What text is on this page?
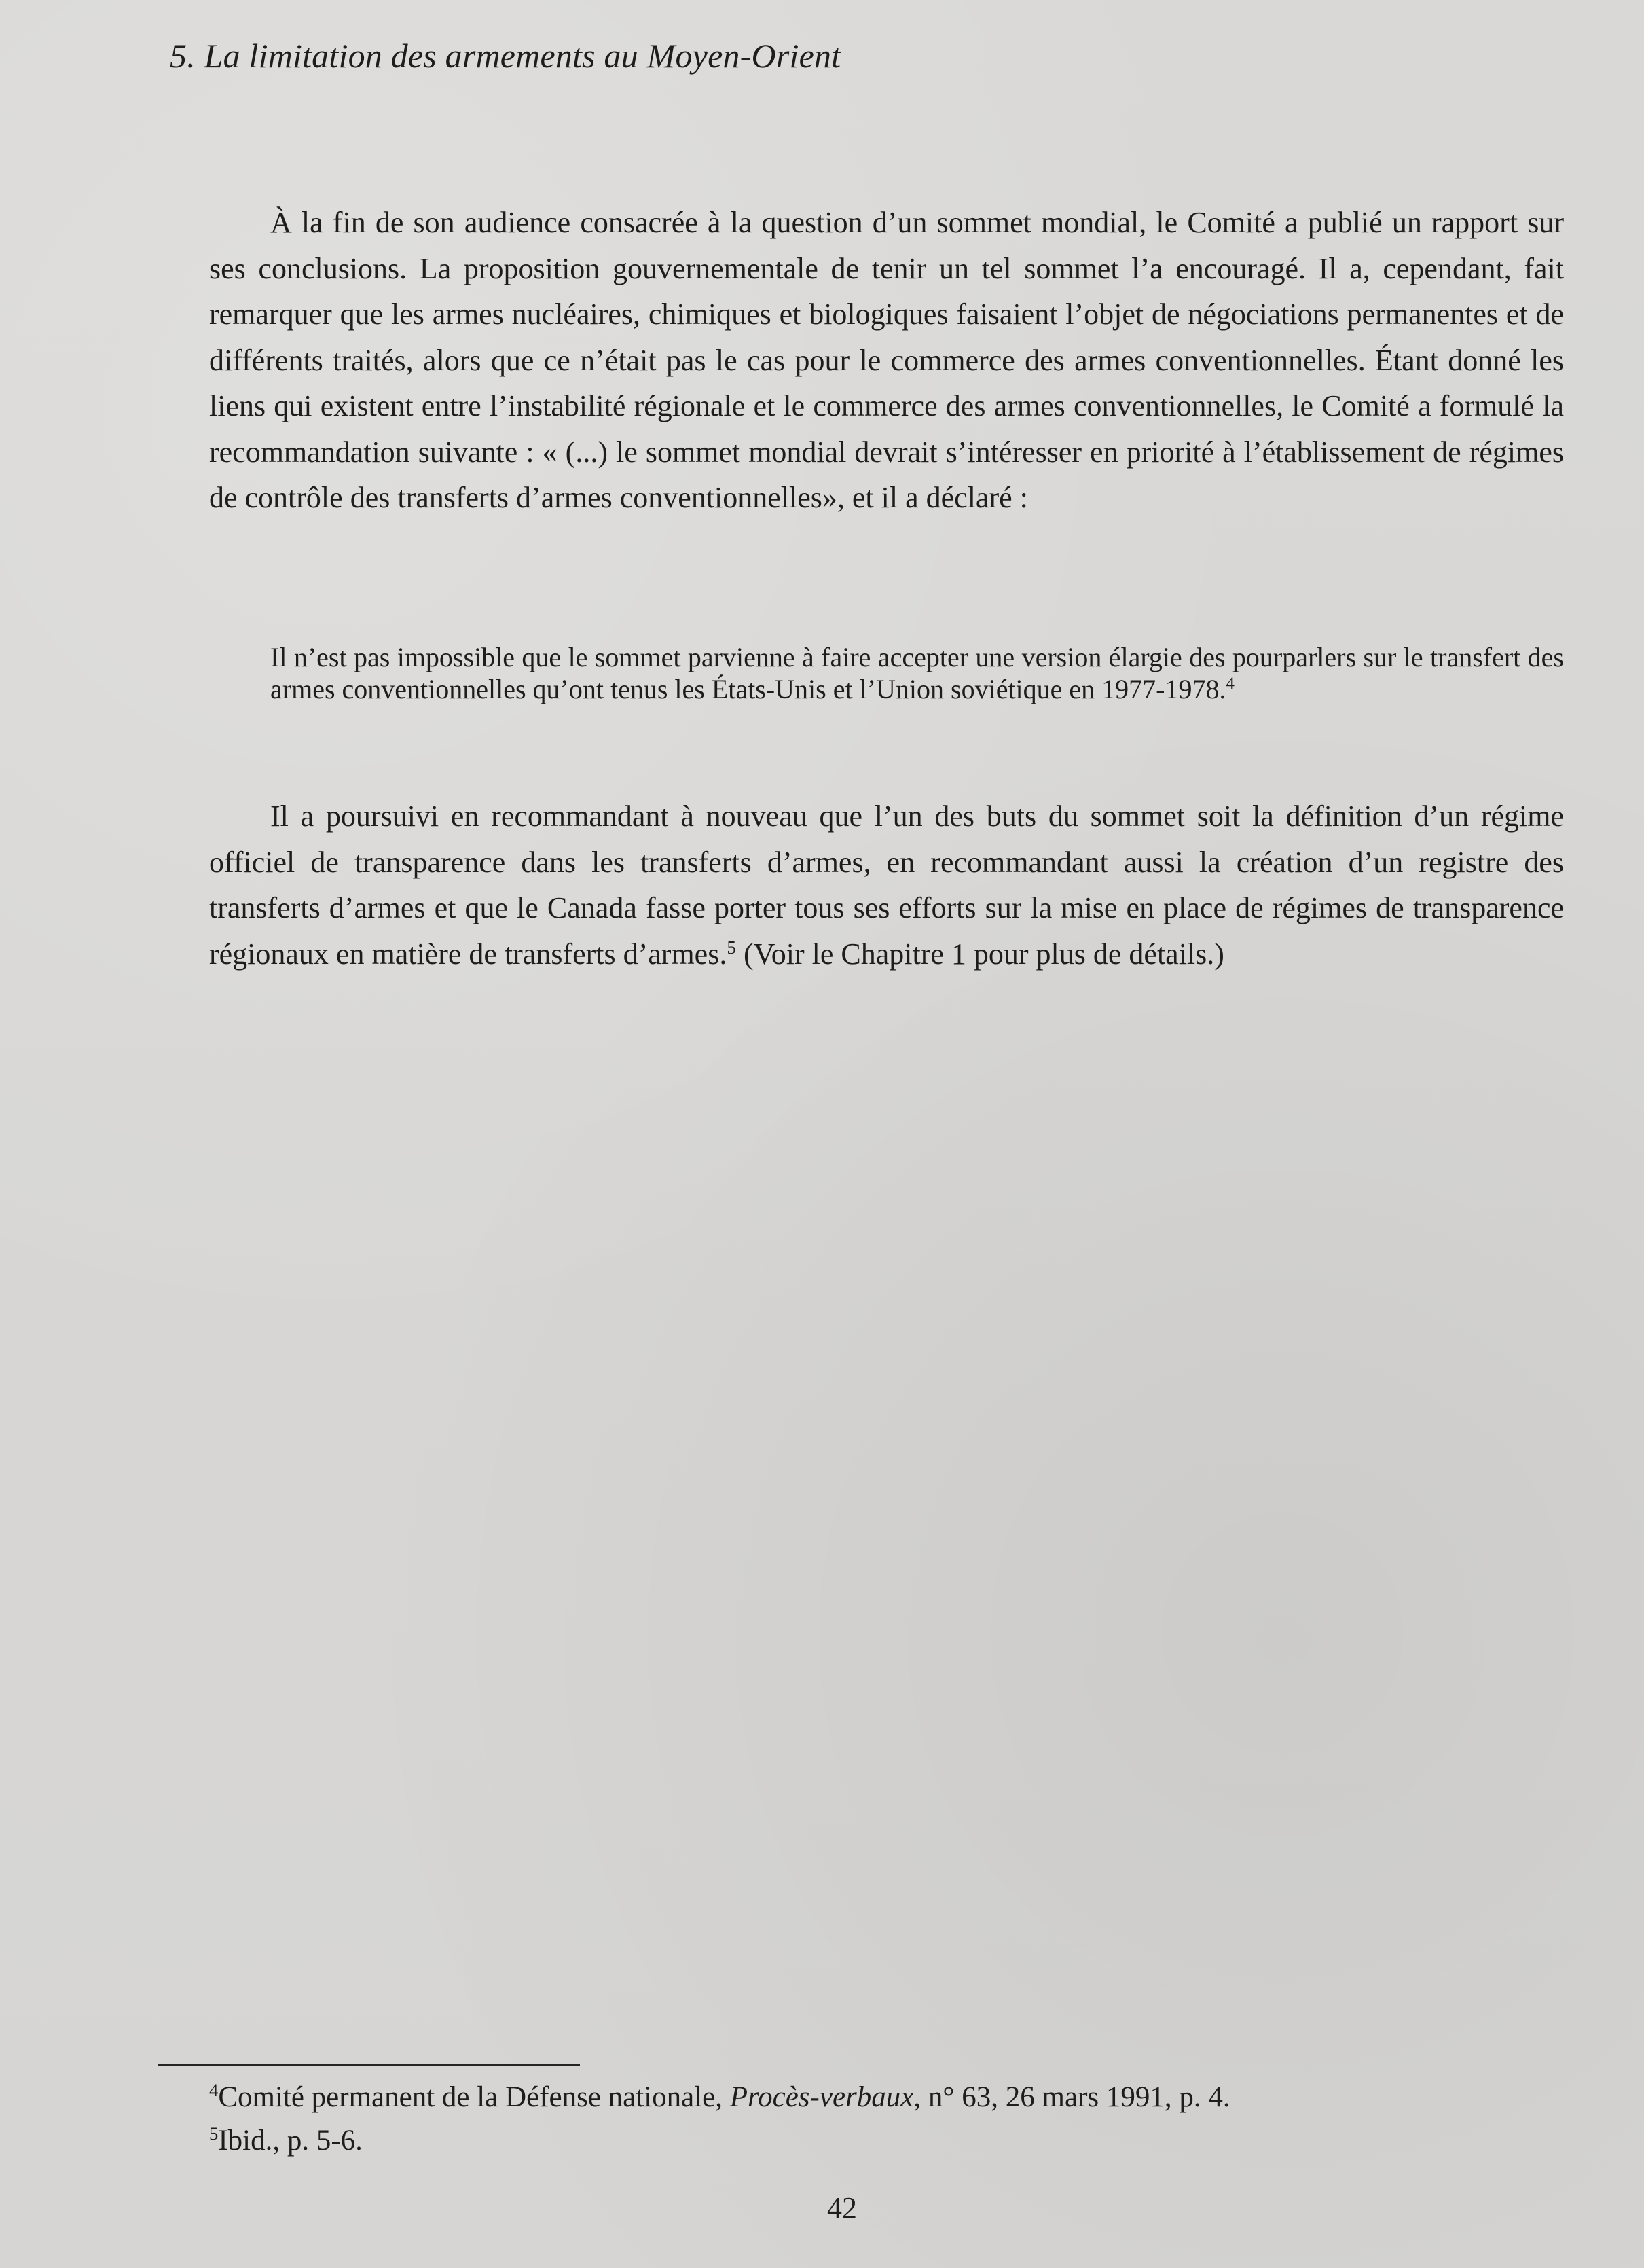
5. La limitation des armements au Moyen-Orient

À la fin de son audience consacrée à la question d’un sommet mondial, le Comité a publié un rapport sur ses conclusions. La proposition gouvernementale de tenir un tel sommet l’a encouragé. Il a, cependant, fait remarquer que les armes nucléaires, chimiques et biologiques faisaient l’objet de négociations permanentes et de différents traités, alors que ce n’était pas le cas pour le commerce des armes conventionnelles. Étant donné les liens qui existent entre l’instabilité régionale et le commerce des armes conventionnelles, le Comité a formulé la recommandation suivante : « (...) le sommet mondial devrait s’intéresser en priorité à l’établissement de régimes de contrôle des transferts d’armes conventionnelles», et il a déclaré :

Il n’est pas impossible que le sommet parvienne à faire accepter une version élargie des pourparlers sur le transfert des armes conventionnelles qu’ont tenus les États-Unis et l’Union soviétique en 1977-1978.$^4$

Il a poursuivi en recommandant à nouveau que l’un des buts du sommet soit la définition d’un régime officiel de transparence dans les transferts d’armes, en recommandant aussi la création d’un registre des transferts d’armes et que le Canada fasse porter tous ses efforts sur la mise en place de régimes de transparence régionaux en matière de transferts d’armes.$^5$ (Voir le Chapitre 1 pour plus de détails.)

$^4$Comité permanent de la Défense nationale, Procès-verbaux, n° 63, 26 mars 1991, p. 4.

$^5$Ibid., p. 5-6.

42
